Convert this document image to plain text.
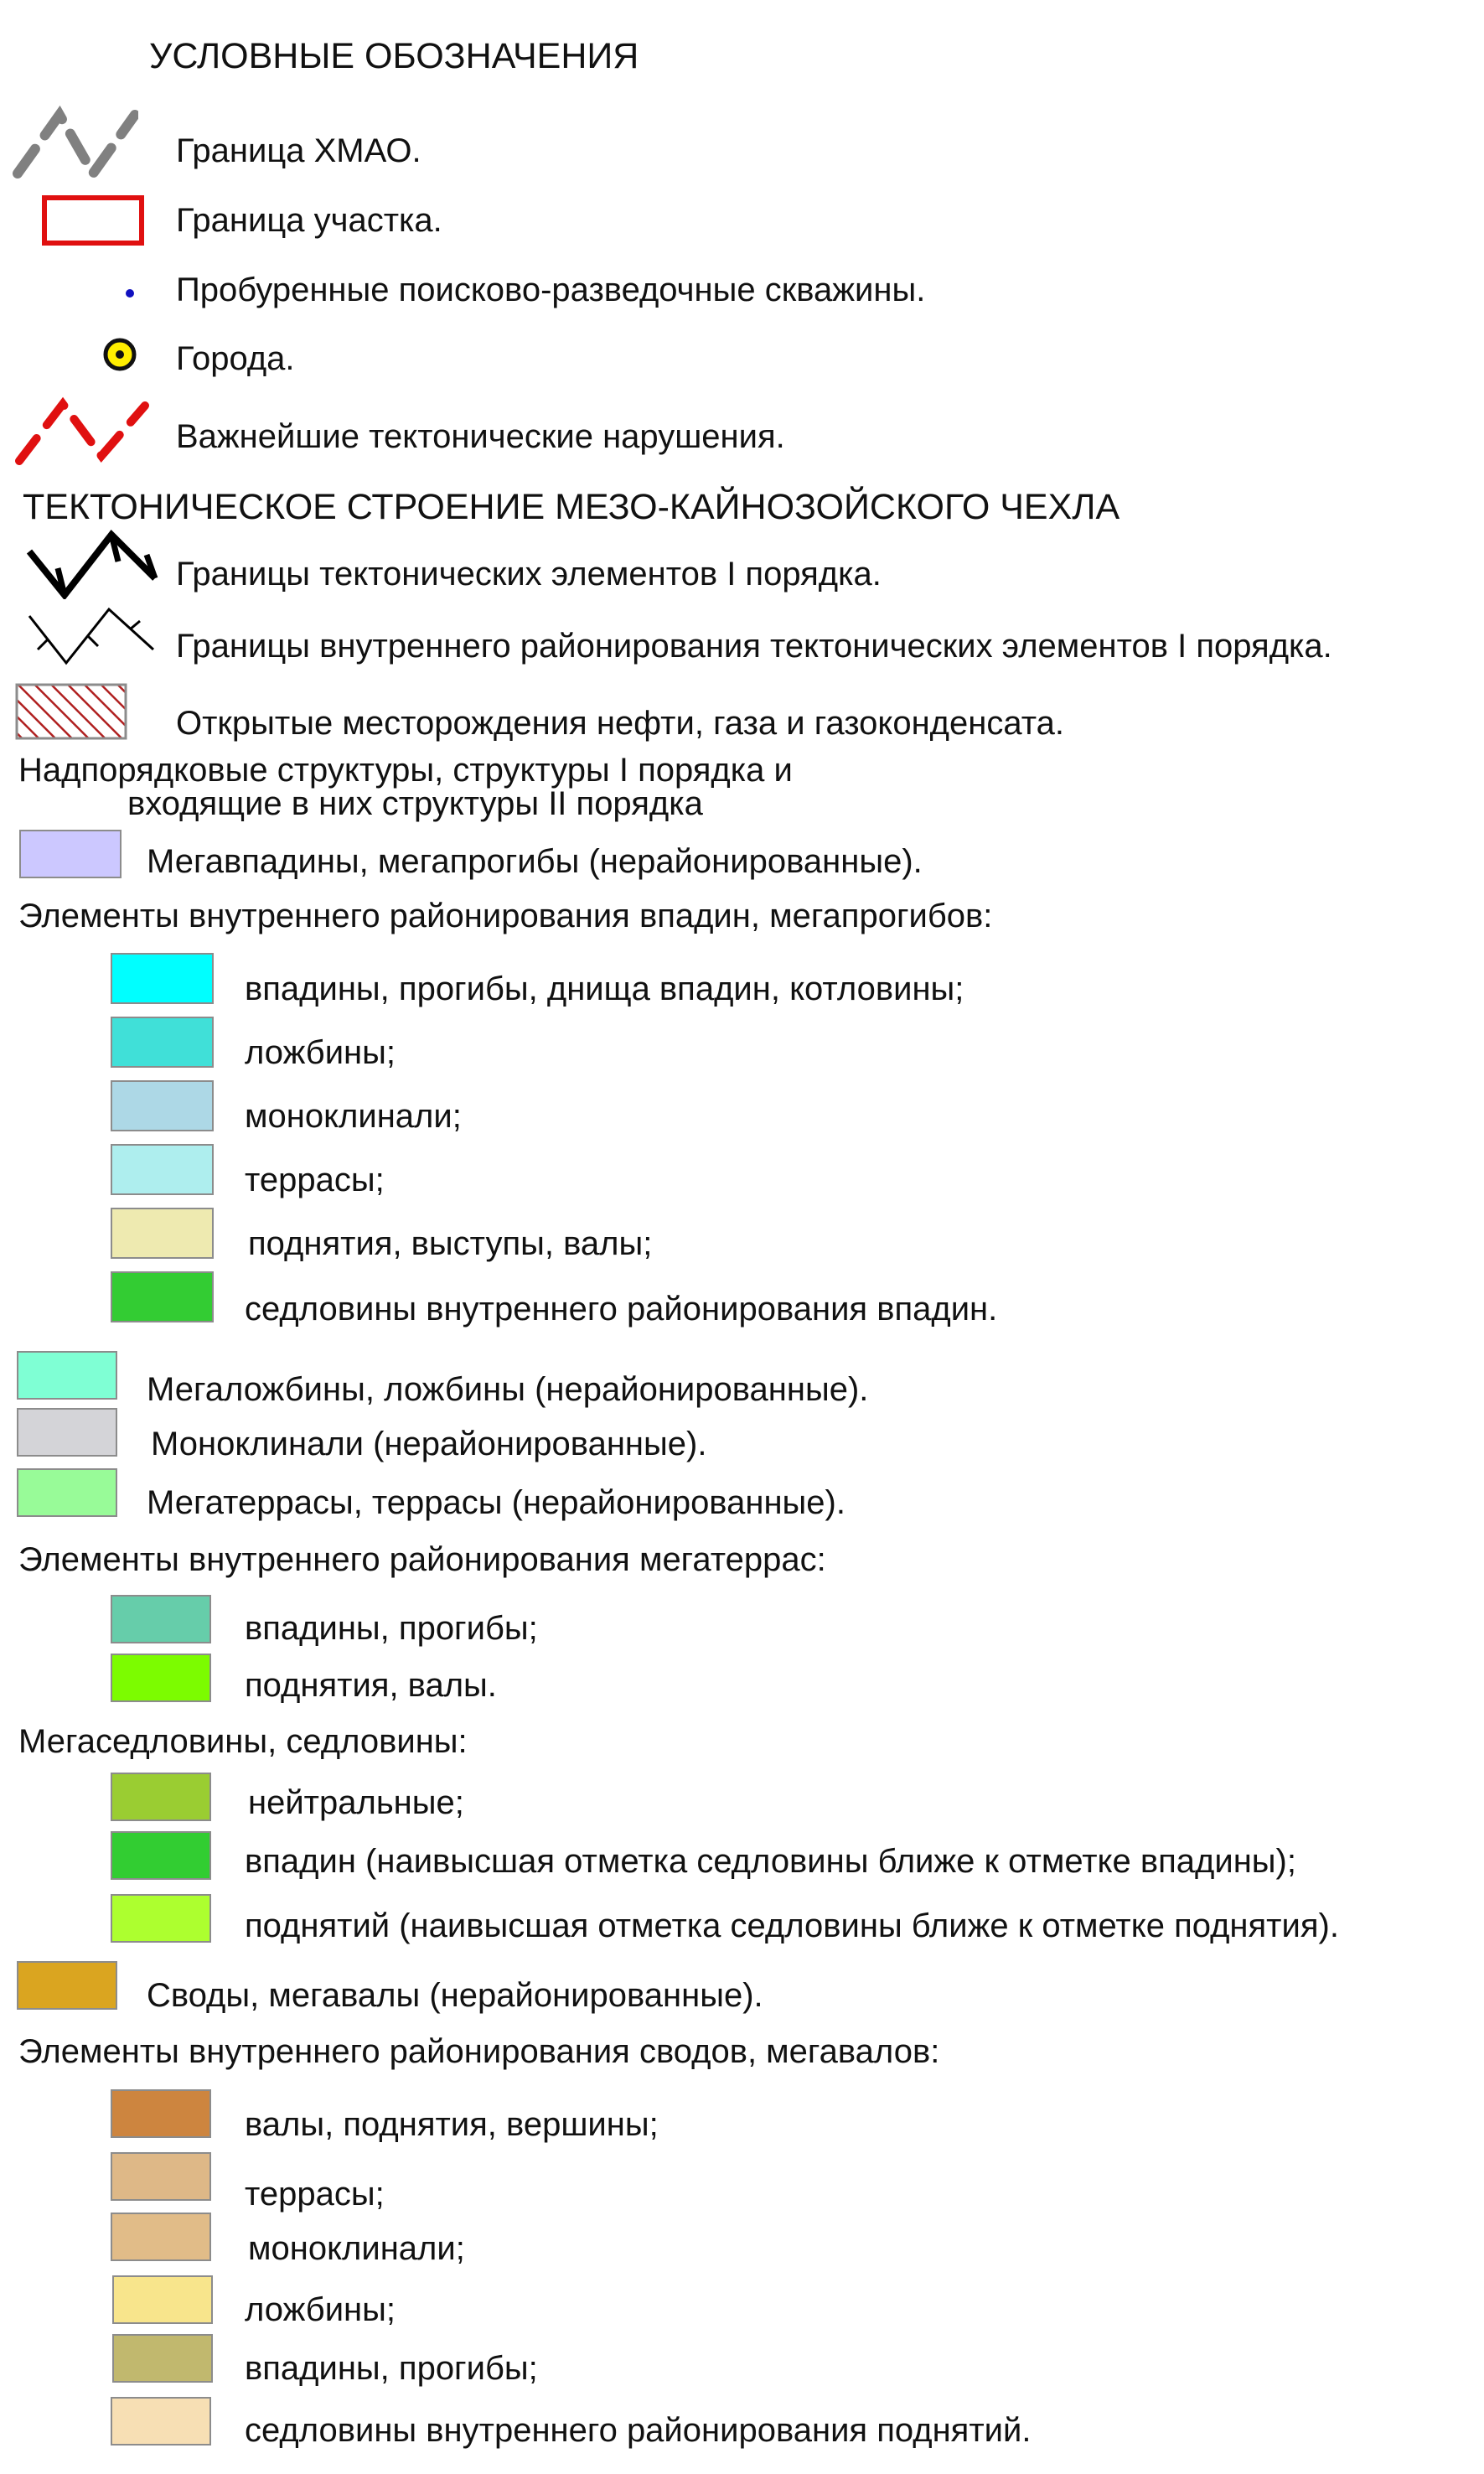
УСЛОВНЫЕ ОБОЗНАЧЕНИЯ
Граница ХМАО.
Граница участка.
Пробуренные поисково-разведочные скважины.
Города.
Важнейшие тектонические нарушения.
ТЕКТОНИЧЕСКОЕ СТРОЕНИЕ МЕЗО-КАЙНОЗОЙСКОГО ЧЕХЛА
Границы тектонических элементов I порядка.
Границы внутреннего районирования тектонических элементов I порядка.
Открытые месторождения нефти, газа и газоконденсата.
Надпорядковые структуры, структуры I порядка и
входящие в них структуры II порядка
Мегавпадины, мегапрогибы (нерайонированные).
Элементы внутреннего районирования впадин, мегапрогибов:
впадины, прогибы, днища впадин, котловины;
ложбины;
моноклинали;
террасы;
поднятия, выступы, валы;
седловины внутреннего районирования впадин.
Мегаложбины, ложбины (нерайонированные).
Моноклинали (нерайонированные).
Мегатеррасы, террасы (нерайонированные).
Элементы внутреннего районирования мегатеррас:
впадины, прогибы;
поднятия, валы.
Мегаседловины, седловины:
нейтральные;
впадин (наивысшая отметка седловины ближе к отметке впадины);
поднятий (наивысшая отметка седловины ближе к отметке поднятия).
Своды, мегавалы (нерайонированные).
Элементы внутреннего районирования сводов, мегавалов:
валы, поднятия, вершины;
террасы;
моноклинали;
ложбины;
впадины, прогибы;
седловины внутреннего районирования поднятий.
